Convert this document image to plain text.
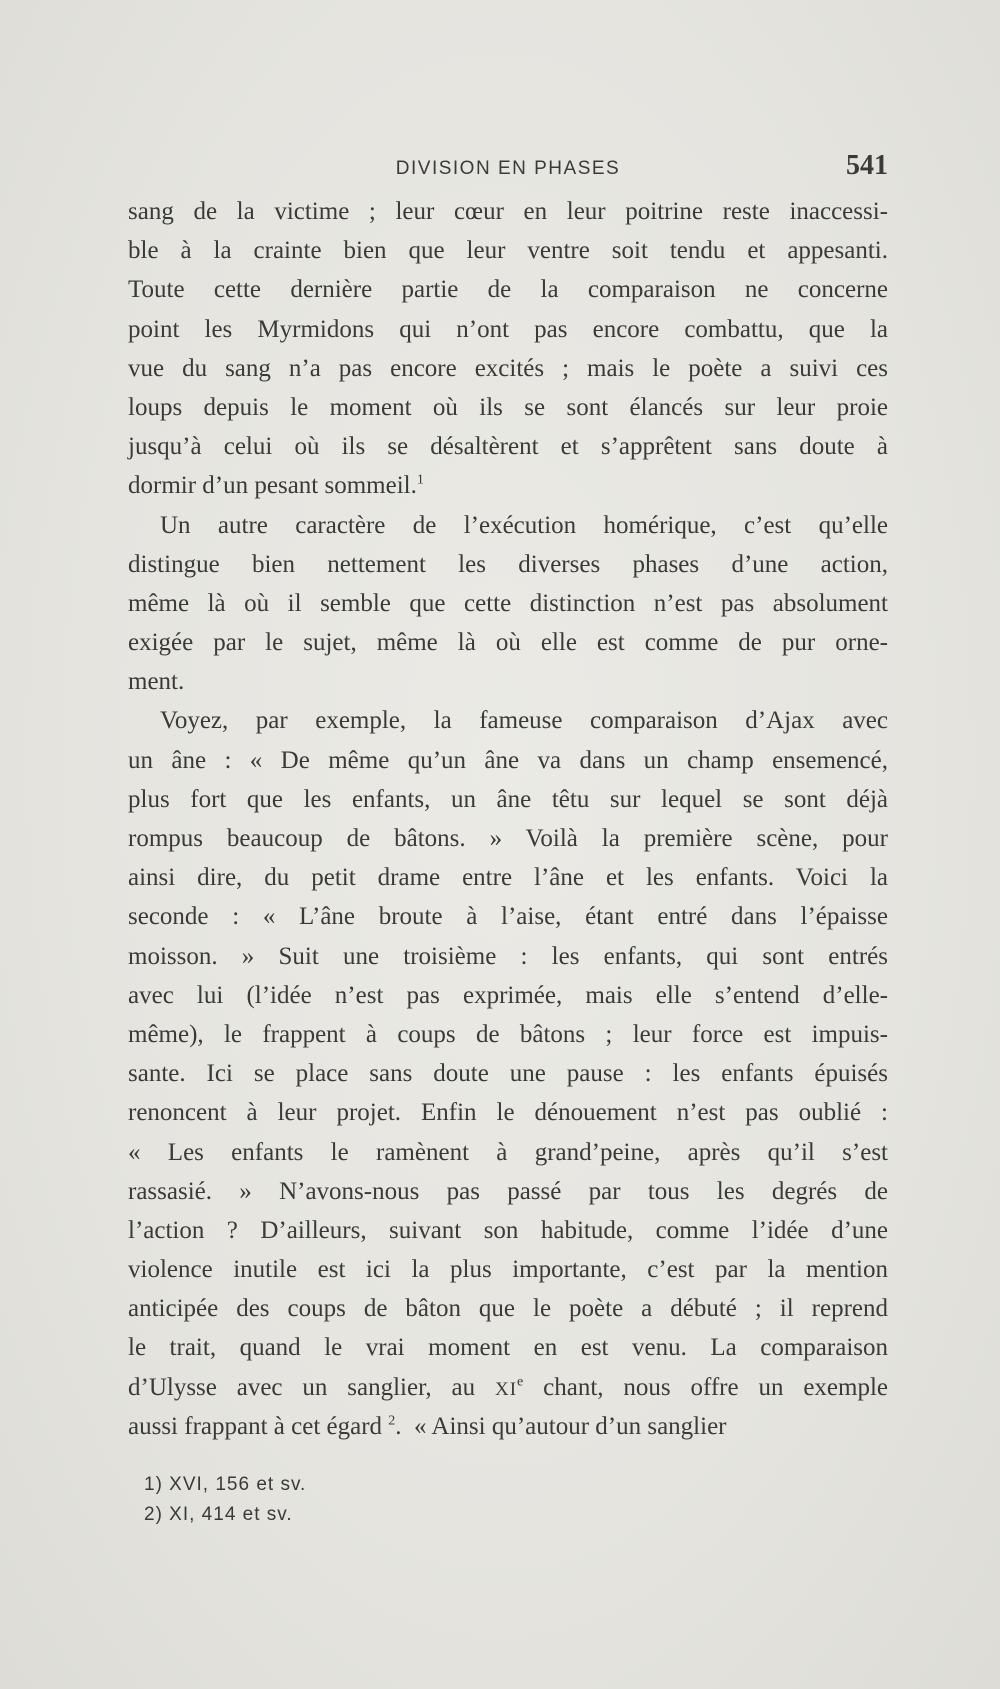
DIVISION EN PHASES	541
sang de la victime ; leur cœur en leur poitrine reste inaccessi-
ble à la crainte bien que leur ventre soit tendu et appesanti.
Toute cette dernière partie de la comparaison ne concerne
point les Myrmidons qui n’ont pas encore combattu, que la
vue du sang n’a pas encore excités ; mais le poète a suivi ces
loups depuis le moment où ils se sont élancés sur leur proie
jusqu’à celui où ils se désaltèrent et s’apprêtent sans doute à
dormir d’un pesant sommeil.$^1$
Un autre caractère de l’exécution homérique, c’est qu’elle
distingue bien nettement les diverses phases d’une action,
même là où il semble que cette distinction n’est pas absolument
exigée par le sujet, même là où elle est comme de pur orne-
ment.
Voyez, par exemple, la fameuse comparaison d’Ajax avec
un âne : « De même qu’un âne va dans un champ ensemencé,
plus fort que les enfants, un âne têtu sur lequel se sont déjà
rompus beaucoup de bâtons. » Voilà la première scène, pour
ainsi dire, du petit drame entre l’âne et les enfants. Voici la
seconde : « L’âne broute à l’aise, étant entré dans l’épaisse
moisson. » Suit une troisième : les enfants, qui sont entrés
avec lui (l’idée n’est pas exprimée, mais elle s’entend d’elle-
même), le frappent à coups de bâtons ; leur force est impuis-
sante. Ici se place sans doute une pause : les enfants épuisés
renoncent à leur projet. Enfin le dénouement n’est pas oublié :
« Les enfants le ramènent à grand’peine, après qu’il s’est
rassasié. » N’avons-nous pas passé par tous les degrés de
l’action ? D’ailleurs, suivant son habitude, comme l’idée d’une
violence inutile est ici la plus importante, c’est par la mention
anticipée des coups de bâton que le poète a débuté ; il reprend
le trait, quand le vrai moment en est venu. La comparaison
d’Ulysse avec un sanglier, au XIe chant, nous offre un exemple
aussi frappant à cet égard $^2$. « Ainsi qu’autour d’un sanglier
1) XVI, 156 et sv.
2) XI, 414 et sv.
